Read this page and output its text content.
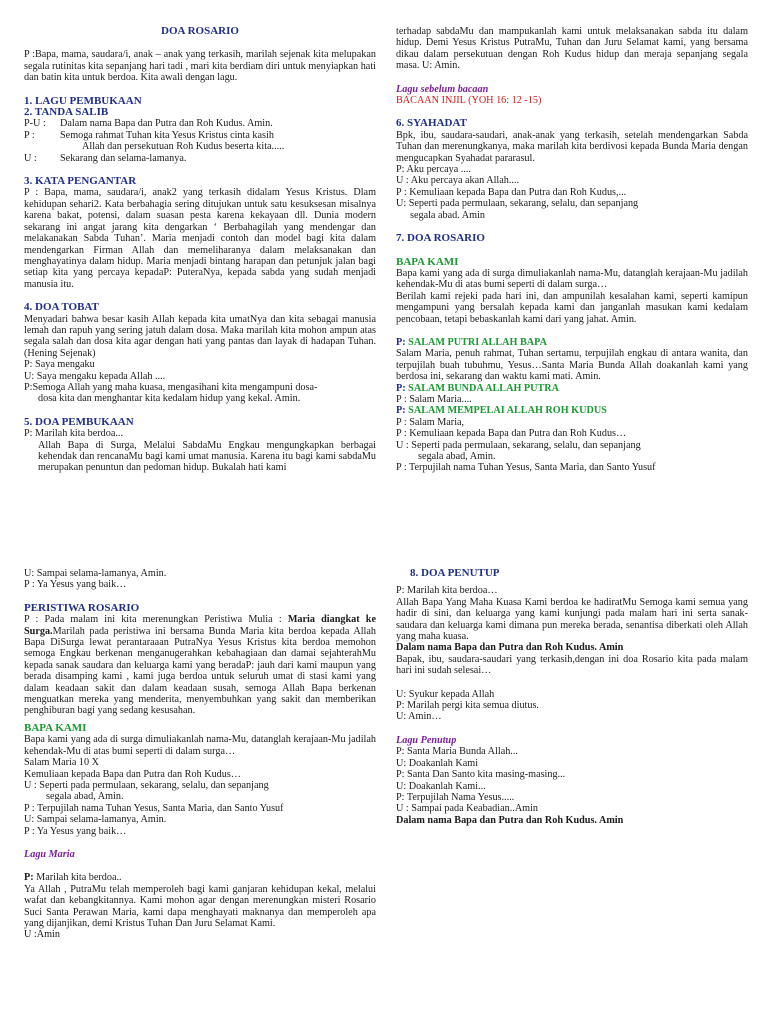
DOA ROSARIO

P :Bapa, mama, saudara/i, anak – anak yang terkasih, marilah sejenak kita melupakan segala rutinitas kita sepanjang hari tadi , mari kita berdiam diri untuk menyiapkan hati dan batin kita untuk berdoa. Kita awali dengan lagu.

1. LAGU PEMBUKAAN

2. TANDA SALIB

P-U :	Dalam nama Bapa dan Putra dan Roh Kudus. Amin.
P :	Semoga rahmat Tuhan kita Yesus Kristus cinta kasih
Allah dan persekutuan Roh Kudus beserta kita.....
U :	Sekarang dan selama-lamanya.

3. KATA PENGANTAR

P : Bapa, mama, saudara/i, anak2 yang terkasih didalam Yesus Kristus. Dlam kehidupan sehari2. Kata berbahagia sering ditujukan untuk satu kesuksesan misalnya karena bakat, potensi, dalam suasan pesta karena kekayaan dll. Dunia modern sekarang ini angat jarang kita dengarkan ‘ Berbahagilah yang mendengar dan melakanakan Sabda Tuhan’. Maria menjadi contoh dan model bagi kita dalam mendengarkan Firman Allah dan memeliharanya dalam melaksanakan dan menghayatinya dalam hidup. Maria menjadi bintang harapan dan petunjuk jalan bagi setiap kita yang percaya kepadaP: PuteraNya, kepada sabda yang sudah menjadi manusia itu.

4. DOA TOBAT

Menyadari bahwa besar kasih Allah kepada kita umatNya dan kita sebagai manusia lemah dan rapuh yang sering jatuh dalam dosa. Maka marilah kita mohon ampun atas segala salah dan dosa kita agar dengan hati yang pantas dan layak di hadapan Tuhan.(Hening Sejenak)

P: Saya mengaku

U: Saya mengaku kepada Allah ....

P:Semoga Allah yang maha kuasa, mengasihani kita mengampuni dosa-

dosa kita dan menghantar kita kedalam hidup yang kekal. Amin.

5. DOA PEMBUKAAN

P: Marilah kita berdoa...

Allah Bapa di Surga, Melalui SabdaMu Engkau mengungkapkan berbagai kehendak dan rencanaMu bagi kami umat manusia. Karena itu bagi kami sabdaMu merupakan penuntun dan pedoman hidup. Bukalah hati kami

terhadap sabdaMu dan mampukanlah kami untuk melaksanakan sabda itu dalam hidup. Demi Yesus Kristus PutraMu, Tuhan dan Juru Selamat kami, yang bersama dikau dalam persekutuan dengan Roh Kudus hidup dan meraja sepanjang segala masa. U: Amin.

Lagu sebelum bacaan

BACAAN INJIL (YOH 16: 12 -15)

6. SYAHADAT

Bpk, ibu, saudara-saudari, anak-anak yang terkasih, setelah mendengarkan Sabda Tuhan dan merenungkanya, maka marilah kita berdivosi kepada Bunda Maria dengan mengucapkan Syahadat pararasul.

P: Aku percaya ....

U : Aku percaya akan Allah....

P : Kemuliaan kepada Bapa dan Putra dan Roh Kudus,...

U: Seperti pada permulaan, sekarang, selalu, dan sepanjang

segala abad. Amin

7. DOA ROSARIO

BAPA KAMI

Bapa kami yang ada di surga dimuliakanlah nama-Mu, datanglah kerajaan-Mu jadilah kehendak-Mu di atas bumi seperti di dalam surga…

Berilah kami rejeki pada hari ini, dan ampunilah kesalahan kami, seperti kamipun mengampuni yang bersalah kepada kami dan janganlah masukan kami kedalam pencobaan, tetapi bebaskanlah kami dari yang jahat. Amin.

P: SALAM PUTRI ALLAH BAPA

Salam Maria, penuh rahmat, Tuhan sertamu, terpujilah engkau di antara wanita, dan terpujilah buah tubuhmu, Yesus…Santa Maria Bunda Allah doakanlah kami yang berdosa ini, sekarang dan waktu kami mati. Amin.

P: SALAM BUNDA ALLAH PUTRA

P : Salam Maria....

P: SALAM MEMPELAI ALLAH ROH KUDUS

P : Salam Maria,

P : Kemuliaan kepada Bapa dan Putra dan Roh Kudus…

U : Seperti pada permulaan, sekarang, selalu, dan sepanjang

segala abad, Amin.

P : Terpujilah nama Tuhan Yesus, Santa Maria, dan Santo Yusuf

U: Sampai selama-lamanya, Amin.

P : Ya Yesus yang baik…

PERISTIWA ROSARIO

P : Pada malam ini kita merenungkan Peristiwa Mulia : Maria diangkat ke Surga.Marilah pada peristiwa ini bersama Bunda Maria kita berdoa kepada Allah Bapa DiSurga lewat perantaraaan PutraNya Yesus Kristus kita berdoa memohon semoga Engkau berkenan menganugerahkan kebahagiaan dan damai sejahterahMu kepada sanak saudara dan keluarga kami yang beradaP: jauh dari kami maupun yang berada disamping kami , kami juga berdoa untuk seluruh umat di stasi kami yang dalam keadaan sakit dan dalam keadaan susah, semoga Allah Bapa berkenan menguatkan mereka yang menderita, menyembuhkan yang sakit dan memberikan penghiburan bagi yang sedang kesusahan.

BAPA KAMI

Bapa kami yang ada di surga dimuliakanlah nama-Mu, datanglah kerajaan-Mu jadilah kehendak-Mu di atas bumi seperti di dalam surga…

Salam Maria 10 X

Kemuliaan kepada Bapa dan Putra dan Roh Kudus…

U : Seperti pada permulaan, sekarang, selalu, dan sepanjang

segala abad, Amin.

P : Terpujilah nama Tuhan Yesus, Santa Maria, dan Santo Yusuf

U: Sampai selama-lamanya, Amin.

P : Ya Yesus yang baik…

Lagu Maria

P: Marilah kita berdoa..

Ya Allah , PutraMu telah memperoleh bagi kami ganjaran kehidupan kekal, melalui wafat dan kebangkitannya. Kami mohon agar dengan merenungkan misteri Rosario Suci Santa Perawan Maria, kami dapa menghayati maknanya dan memperoleh apa yang dijanjikan, demi Kristus Tuhan Dan Juru Selamat Kami.

U :Amin

8. DOA PENUTUP

P: Marilah kita berdoa…

Allah Bapa Yang Maha Kuasa Kami berdoa ke hadiratMu Semoga kami semua yang hadir di sini, dan keluarga yang kami kunjungi pada malam hari ini serta sanak- saudara dan keluarga kami dimana pun mereka berada, senantisa diberkati oleh Allah yang maha kuasa.

Dalam nama Bapa dan Putra dan Roh Kudus. Amin

Bapak, ibu, saudara-saudari yang terkasih,dengan ini doa Rosario kita pada malam hari ini sudah selesai…

U: Syukur kepada Allah

P: Marilah pergi kita semua diutus.

U: Amin…

Lagu Penutup

P: Santa Maria Bunda Allah...

U: Doakanlah Kami

P: Santa Dan Santo kita masing-masing...

U: Doakanlah Kami...

P: Terpujilah Nama Yesus.....

U : Sampai pada Keabadian..Amin

Dalam nama Bapa dan Putra dan Roh Kudus. Amin
